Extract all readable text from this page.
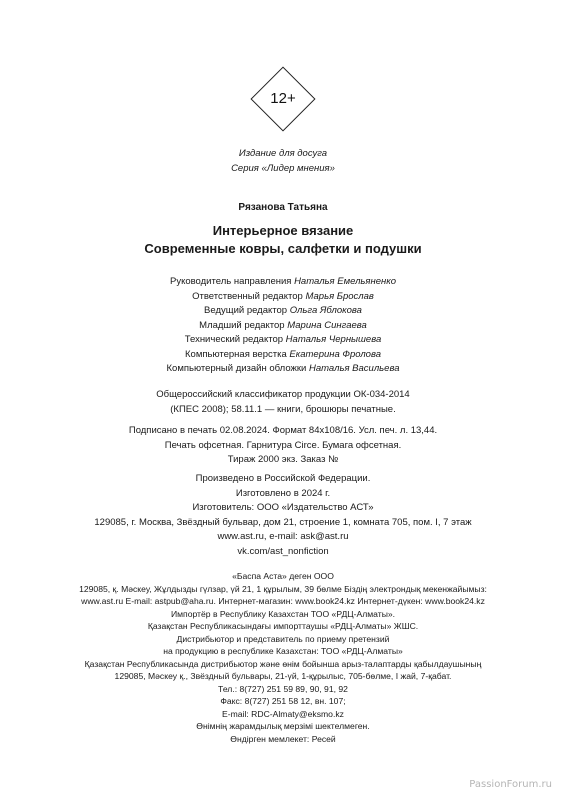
12+
Издание для досуга
Серия «Лидер мнения»
Рязанова Татьяна
Интерьерное вязание
Современные ковры, салфетки и подушки
Руководитель направления Наталья Емельяненко
Ответственный редактор Марья Брослав
Ведущий редактор Ольга Яблокова
Младший редактор Марина Сингаева
Технический редактор Наталья Чернышева
Компьютерная верстка Екатерина Фролова
Компьютерный дизайн обложки Наталья Васильева
Общероссийский классификатор продукции ОК-034-2014
(КПЕС 2008); 58.11.1 — книги, брошюры печатные.
Подписано в печать 02.08.2024. Формат 84х108/16. Усл. печ. л. 13,44.
Печать офсетная. Гарнитура Circe. Бумага офсетная.
Тираж 2000 экз. Заказ №
Произведено в Российской Федерации.
Изготовлено в 2024 г.
Изготовитель: ООО «Издательство АСТ»
129085, г. Москва, Звёздный бульвар, дом 21, строение 1, комната 705, пом. I, 7 этаж
www.ast.ru, e-mail: ask@ast.ru
vk.com/ast_nonfiction
«Баспа Аста» деген ООО
129085, қ. Мәскеу, Жұлдызды гүлзар, үй 21, 1 құрылым, 39 бөлме Біздің электрондық мекенжайымыз:
www.ast.ru E-mail: astpub@aha.ru. Интернет-магазин: www.book24.kz Интернет-дүкен: www.book24.kz
Импортёр в Республику Казахстан ТОО «РДЦ-Алматы».
Қазақстан Республикасындағы импорттаушы «РДЦ-Алматы» ЖШС.
Дистрибьютор и представитель по приему претензий
на продукцию в республике Казахстан: ТОО «РДЦ-Алматы»
Қазақстан Республикасында дистрибьютор және өнім бойынша арыз-талаптарды қабылдаушының
129085, Мәскеу қ., Звёздный бульвары, 21-үй, 1-құрылыс, 705-бөлме, I жай, 7-қабат.
Тел.: 8(727) 251 59 89, 90, 91, 92
Факс: 8(727) 251 58 12, вн. 107;
E-mail: RDC-Almaty@eksmo.kz
Өнімнің жарамдылық мерзімі шектелмеген.
Өндірген мемлекет: Ресей
PassionForum.ru
